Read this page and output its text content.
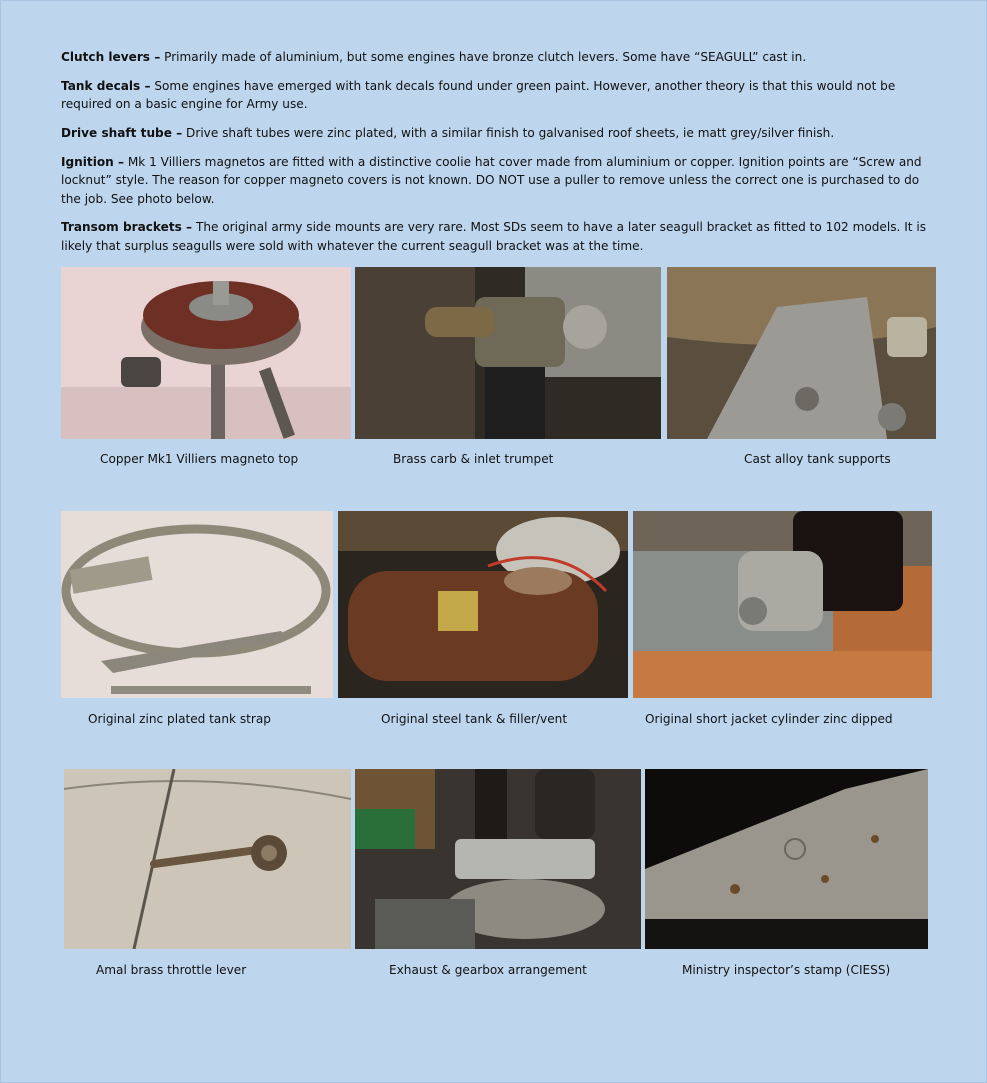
Clutch levers – Primarily made of aluminium, but some engines have bronze clutch levers. Some have “SEAGULL” cast in.

Tank decals – Some engines have emerged with tank decals found under green paint. However, another theory is that this would not be required on a basic engine for Army use.

Drive shaft tube – Drive shaft tubes were zinc plated, with a similar finish to galvanised roof sheets, ie matt grey/silver finish.

Ignition – Mk 1 Villiers magnetos are fitted with a distinctive coolie hat cover made from aluminium or copper. Ignition points are “Screw and locknut” style. The reason for copper magneto covers is not known. DO NOT use a puller to remove unless the correct one is purchased to do the job. See photo below.

Transom brackets – The original army side mounts are very rare. Most SDs seem to have a later seagull bracket as fitted to 102 models. It is likely that surplus seagulls were sold with whatever the current seagull bracket was at the time.

Copper Mk1 Villiers magneto top	Brass carb & inlet trumpet	Cast alloy tank supports
Original zinc plated tank strap	Original steel tank & filler/vent	Original short jacket cylinder zinc dipped
Amal brass throttle lever	Exhaust & gearbox arrangement	Ministry inspector’s stamp (CIESS)
